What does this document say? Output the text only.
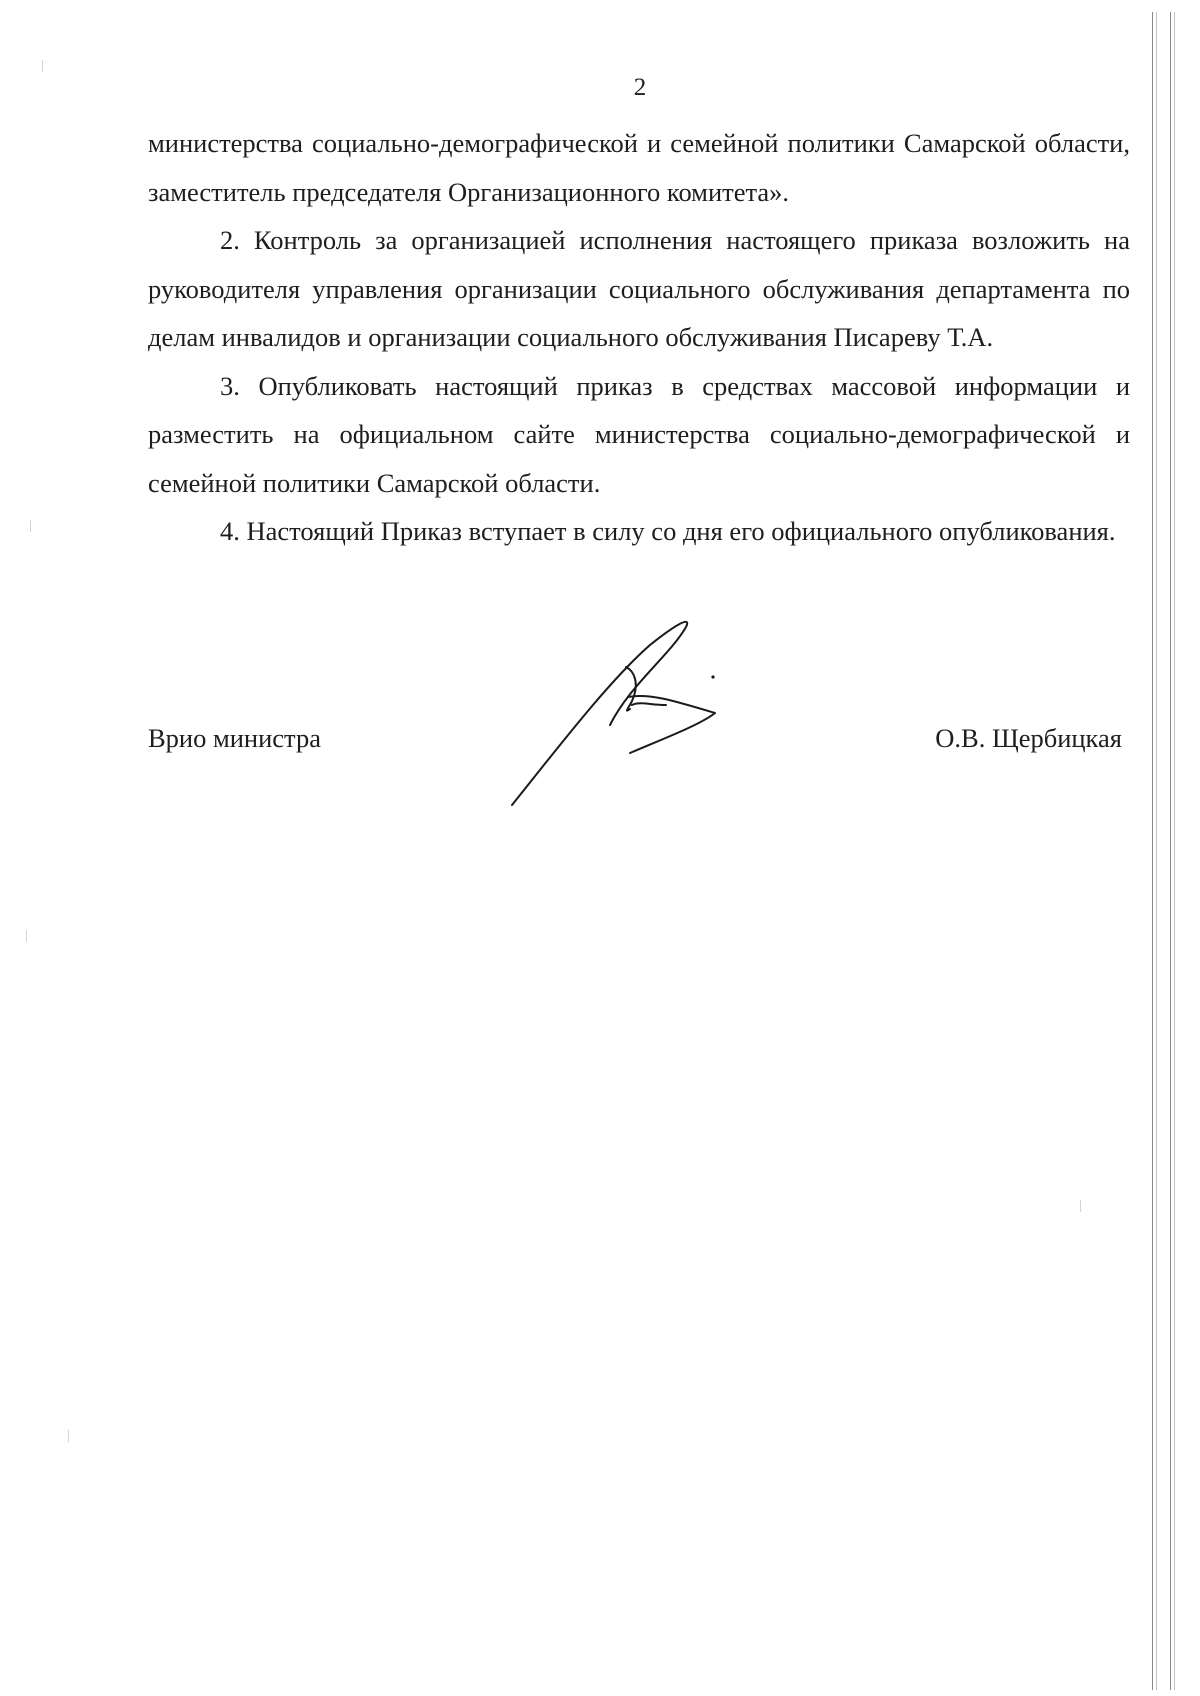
2

министерства социально-демографической и семейной политики Самарской области, заместитель председателя Организационного комитета».

2. Контроль за организацией исполнения настоящего приказа возложить на руководителя управления организации социального обслуживания департамента по делам инвалидов и организации социального обслуживания Писареву Т.А.

3. Опубликовать настоящий приказ в средствах массовой информации и разместить на официальном сайте министерства социально-демографической и семейной политики Самарской области.

4. Настоящий Приказ вступает в силу со дня его официального опубликования.

Врио министра	О.В. Щербицкая
